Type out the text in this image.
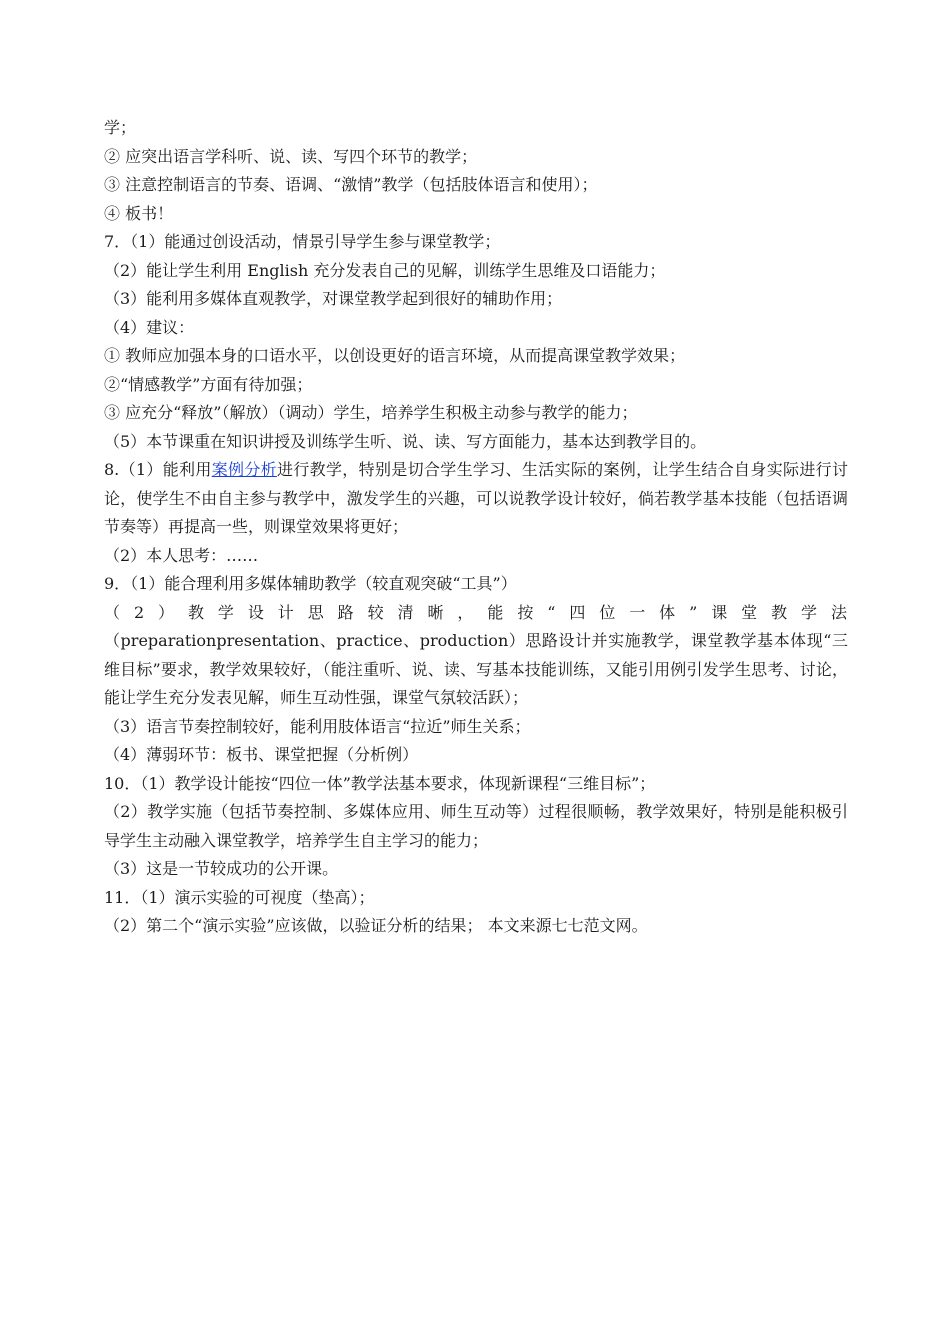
学；
② 应突出语言学科听、说、读、写四个环节的教学；
③ 注意控制语言的节奏、语调、“激情”教学（包括肢体语言和使用）；
④ 板书！
7．（1）能通过创设活动，情景引导学生参与课堂教学；
（2）能让学生利用 English 充分发表自己的见解，训练学生思维及口语能力；
（3）能利用多媒体直观教学，对课堂教学起到很好的辅助作用；
（4）建议：
① 教师应加强本身的口语水平，以创设更好的语言环境，从而提高课堂教学效果；
②“情感教学”方面有待加强；
③ 应充分“释放”（解放）（调动）学生，培养学生积极主动参与教学的能力；
（5）本节课重在知识讲授及训练学生听、说、读、写方面能力，基本达到教学目的。
8.（1）能利用案例分析进行教学，特别是切合学生学习、生活实际的案例，让学生结合自身实际进行讨论，使学生不由自主参与教学中，激发学生的兴趣，可以说教学设计较好，倘若教学基本技能（包括语调节奏等）再提高一些，则课堂效果将更好；
（2）本人思考：……
9．（1）能合理利用多媒体辅助教学（较直观突破“工具”）
（2）教学设计思路较清晰，能按“四位一体”课堂教学法
（preparationpresentation、practice、production）思路设计并实施教学，课堂教学基本体现“三维目标”要求，教学效果较好，（能注重听、说、读、写基本技能训练，又能引用例引发学生思考、讨论，能让学生充分发表见解，师生互动性强，课堂气氛较活跃）；
（3）语言节奏控制较好，能利用肢体语言“拉近”师生关系；
（4）薄弱环节：板书、课堂把握（分析例）
10．（1）教学设计能按“四位一体”教学法基本要求，体现新课程“三维目标”；
（2）教学实施（包括节奏控制、多媒体应用、师生互动等）过程很顺畅，教学效果好，特别是能积极引导学生主动融入课堂教学，培养学生自主学习的能力；
（3）这是一节较成功的公开课。
11．（1）演示实验的可视度（垫高）；
（2）第二个“演示实验”应该做，以验证分析的结果； 本文来源七七范文网。
